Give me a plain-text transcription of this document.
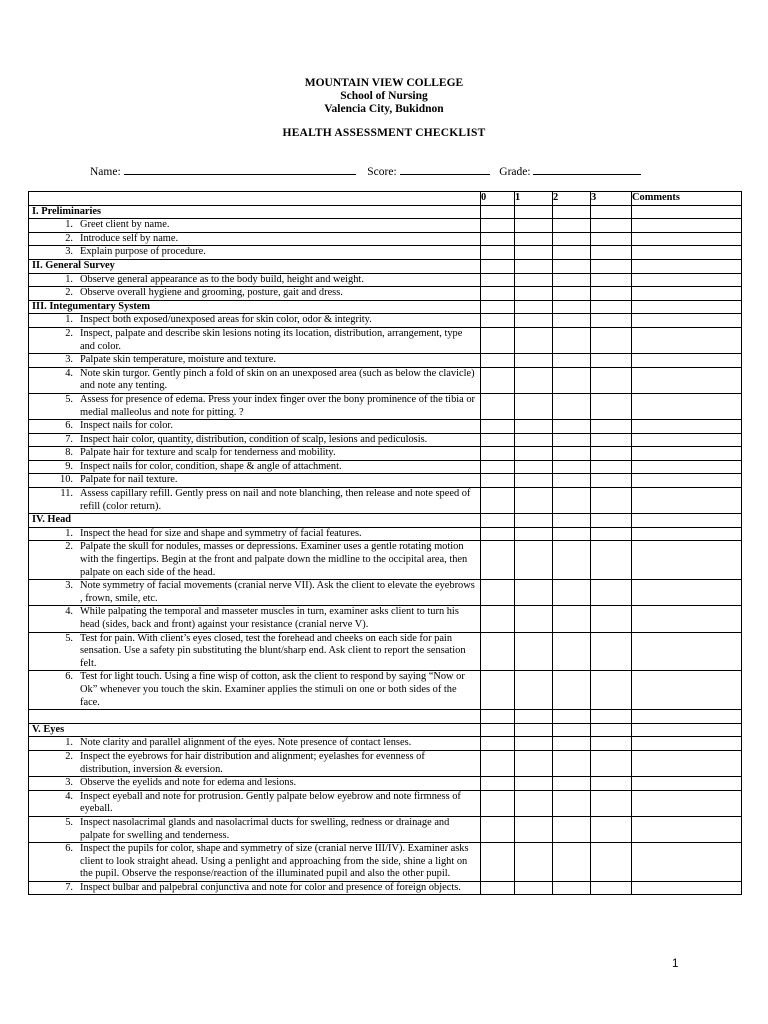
MOUNTAIN VIEW COLLEGE
School of Nursing
Valencia City, Bukidnon
HEALTH ASSESSMENT CHECKLIST
Name:	Score:	Grade:
	0	1	2	3	Comments
I. Preliminaries					

1. Greet client by name.					

2. Introduce self by name.					

3. Explain purpose of procedure.					

II. General Survey					

1. Observe general appearance as to the body build, height and weight.					

2. Observe overall hygiene and grooming, posture, gait and dress.					

III. Integumentary System					

1. Inspect both exposed/unexposed areas for skin color, odor & integrity.					

2. Inspect, palpate and describe skin lesions noting its location, distribution, arrangement, type and color.					

3. Palpate skin temperature, moisture and texture.					

4. Note skin turgor. Gently pinch a fold of skin on an unexposed area (such as below the clavicle) and note any tenting.					

5. Assess for presence of edema. Press your index finger over the bony prominence of the tibia or medial malleolus and note for pitting. ?					

6. Inspect nails for color.					

7. Inspect hair color, quantity, distribution, condition of scalp, lesions and pediculosis.					

8. Palpate hair for texture and scalp for tenderness and mobility.					

9. Inspect nails for color, condition, shape & angle of attachment.					

10. Palpate for nail texture.					

11. Assess capillary refill. Gently press on nail and note blanching, then release and note speed of refill (color return).					

IV. Head					

1. Inspect the head for size and shape and symmetry of facial features.					

2. Palpate the skull for nodules, masses or depressions. Examiner uses a gentle rotating motion with the fingertips. Begin at the front and palpate down the midline to the occipital area, then palpate on each side of the head.					

3. Note symmetry of facial movements (cranial nerve VII). Ask the client to elevate the eyebrows , frown, smile, etc.					

4. While palpating the temporal and masseter muscles in turn, examiner asks client to turn his head (sides, back and front) against your resistance (cranial nerve V).					

5. Test for pain. With client’s eyes closed, test the forehead and cheeks on each side for pain sensation. Use a safety pin substituting the blunt/sharp end. Ask client to report the sensation felt.					

6. Test for light touch. Using a fine wisp of cotton, ask the client to respond by saying “Now or Ok” whenever you touch the skin. Examiner applies the stimuli on one or both sides of the face.					

V. Eyes					

1. Note clarity and parallel alignment of the eyes. Note presence of contact lenses.					

2. Inspect the eyebrows for hair distribution and alignment; eyelashes for evenness of distribution, inversion & eversion.					

3. Observe the eyelids and note for edema and lesions.					

4. Inspect eyeball and note for protrusion. Gently palpate below eyebrow and note firmness of eyeball.					

5. Inspect nasolacrimal glands and nasolacrimal ducts for swelling, redness or drainage and palpate for swelling and tenderness.					

6. Inspect the pupils for color, shape and symmetry of size (cranial nerve III/IV). Examiner asks client to look straight ahead. Using a penlight and approaching from the side, shine a light on the pupil. Observe the response/reaction of the illuminated pupil and also the other pupil.					

7. Inspect bulbar and palpebral conjunctiva and note for color and presence of foreign objects.					

1
